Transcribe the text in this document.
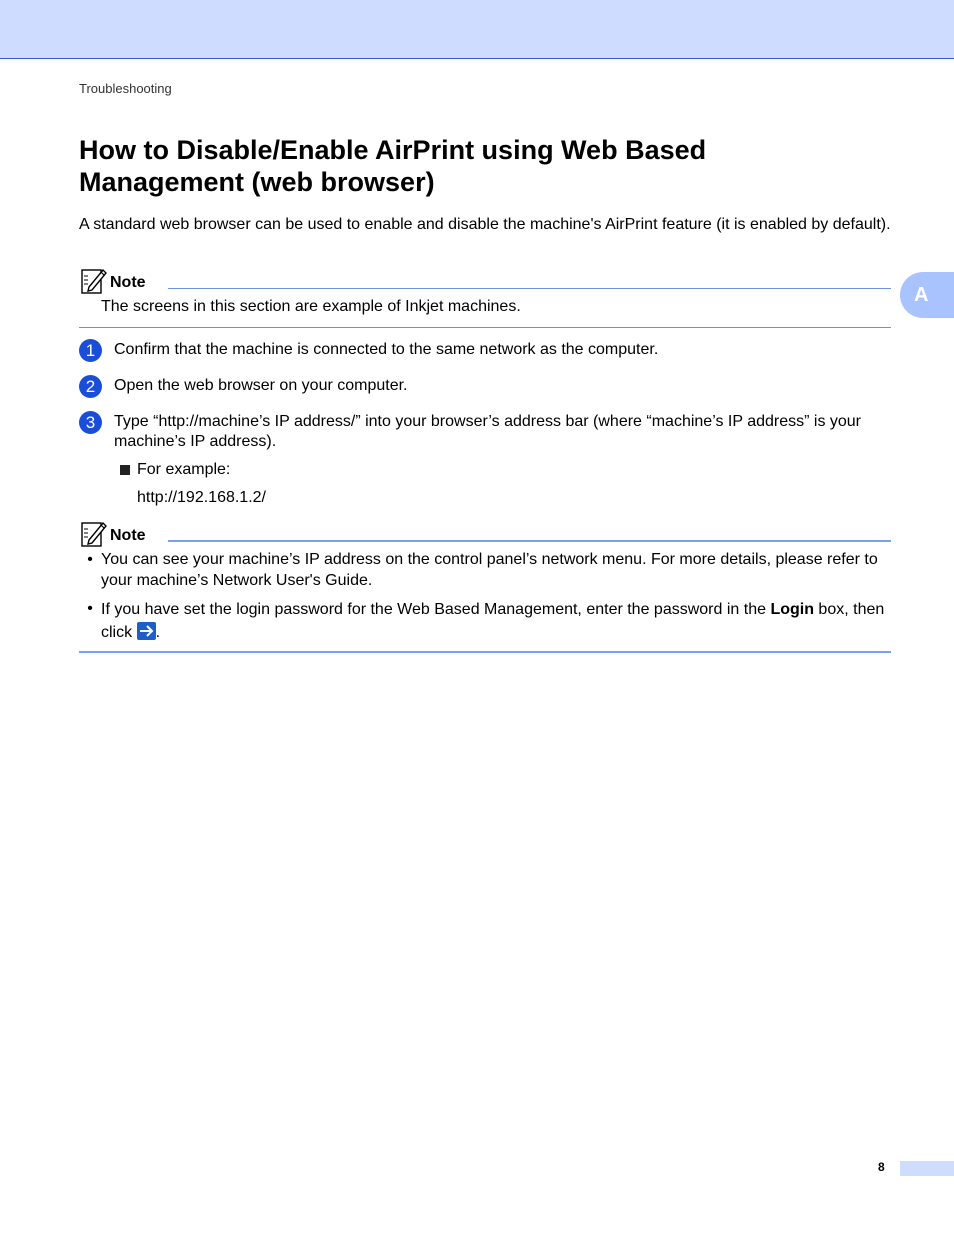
Troubleshooting
How to Disable/Enable AirPrint using Web Based Management (web browser)

A standard web browser can be used to enable and disable the machine's AirPrint feature (it is enabled by default).

Note

The screens in this section are example of Inkjet machines.

1	Confirm that the machine is connected to the same network as the computer.
2	Open the web browser on your computer.
3	Type “http://machine’s IP address/” into your browser’s address bar (where “machine’s IP address” is your machine’s IP address).
For example:
http://192.168.1.2/
Note
• You can see your machine’s IP address on the control panel’s network menu. For more details, please refer to your machine’s Network User's Guide.
• If you have set the login password for the Web Based Management, enter the password in the Login box, then click
.
A
8
